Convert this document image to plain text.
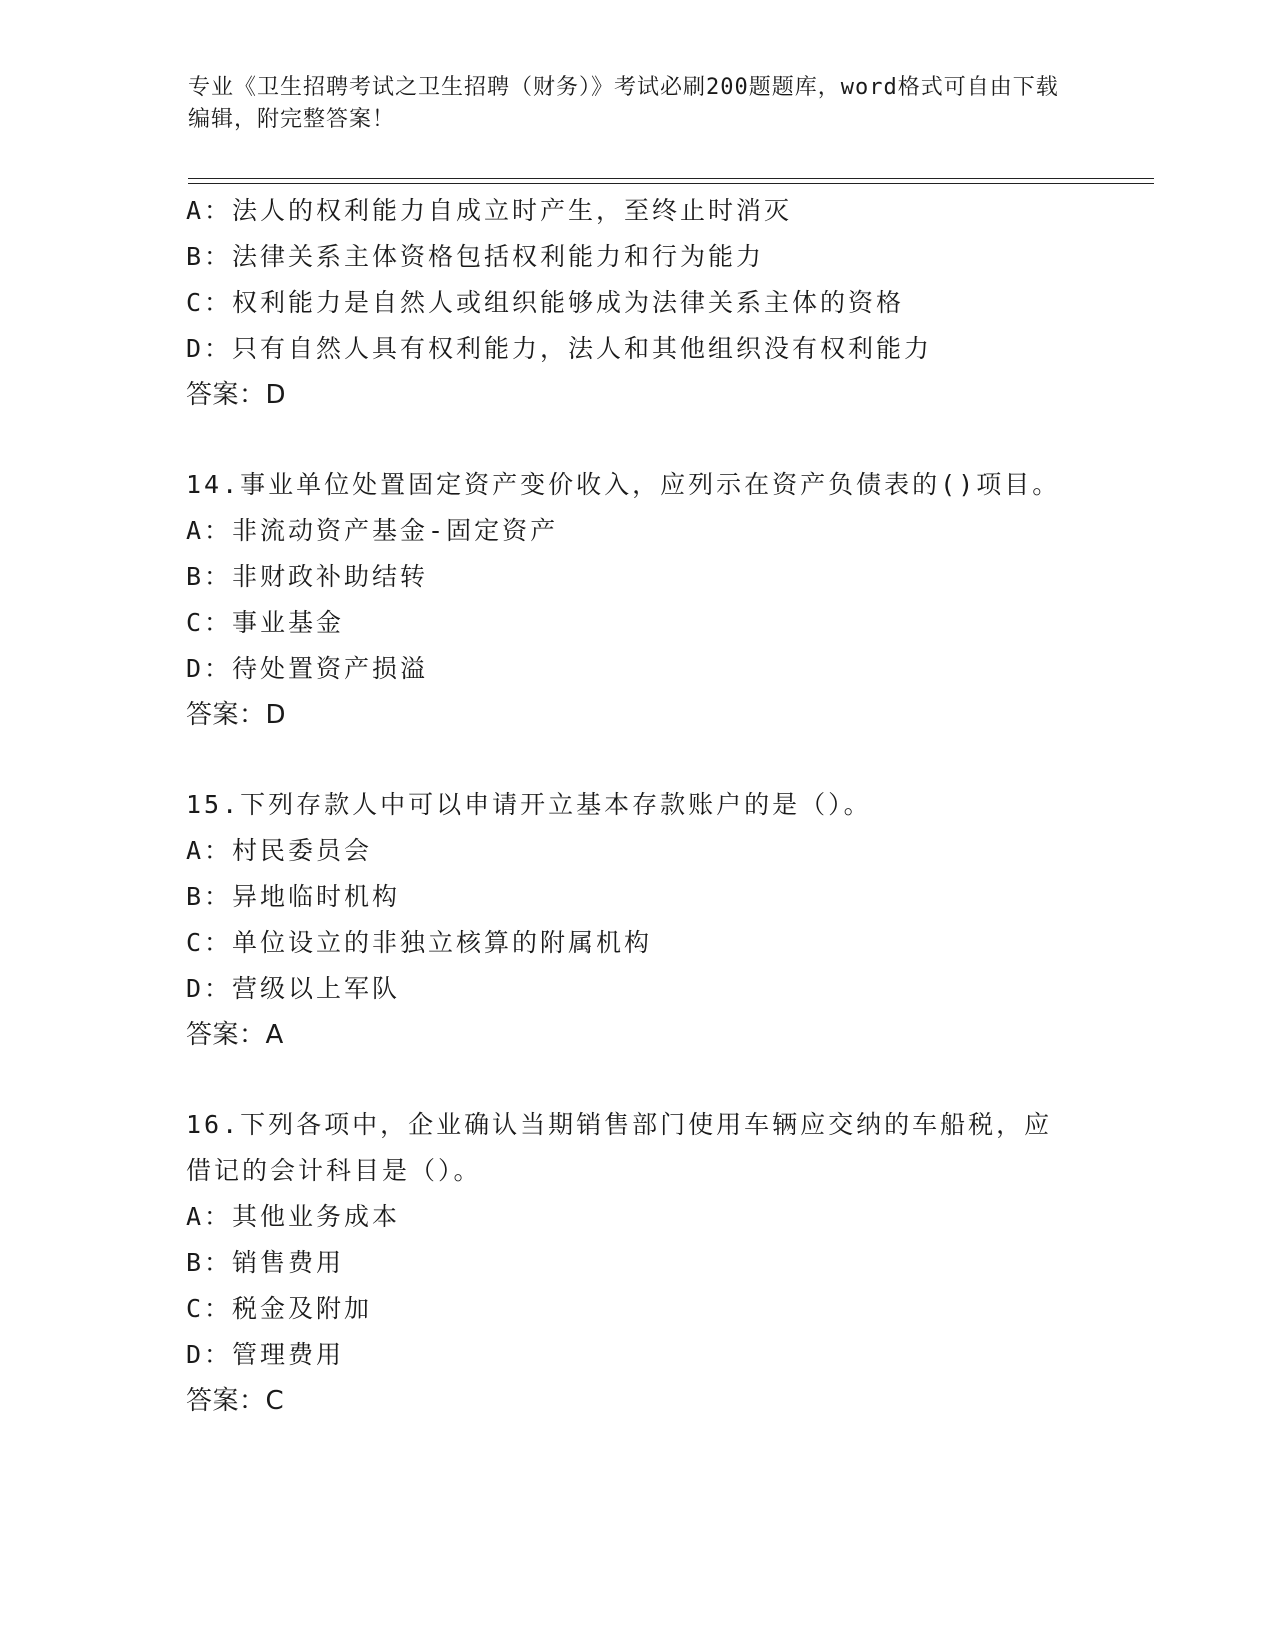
专业《卫生招聘考试之卫生招聘（财务）》考试必刷200题题库，word格式可自由下载编辑，附完整答案！
A：法人的权利能力自成立时产生，至终止时消灭
B：法律关系主体资格包括权利能力和行为能力
C：权利能力是自然人或组织能够成为法律关系主体的资格
D：只有自然人具有权利能力，法人和其他组织没有权利能力
答案：D
14.事业单位处置固定资产变价收入，应列示在资产负债表的()项目。
A：非流动资产基金-固定资产
B：非财政补助结转
C：事业基金
D：待处置资产损溢
答案：D
15.下列存款人中可以申请开立基本存款账户的是（）。
A：村民委员会
B：异地临时机构
C：单位设立的非独立核算的附属机构
D：营级以上军队
答案：A
16.下列各项中，企业确认当期销售部门使用车辆应交纳的车船税，应借记的会计科目是（）。
A：其他业务成本
B：销售费用
C：税金及附加
D：管理费用
答案：C
